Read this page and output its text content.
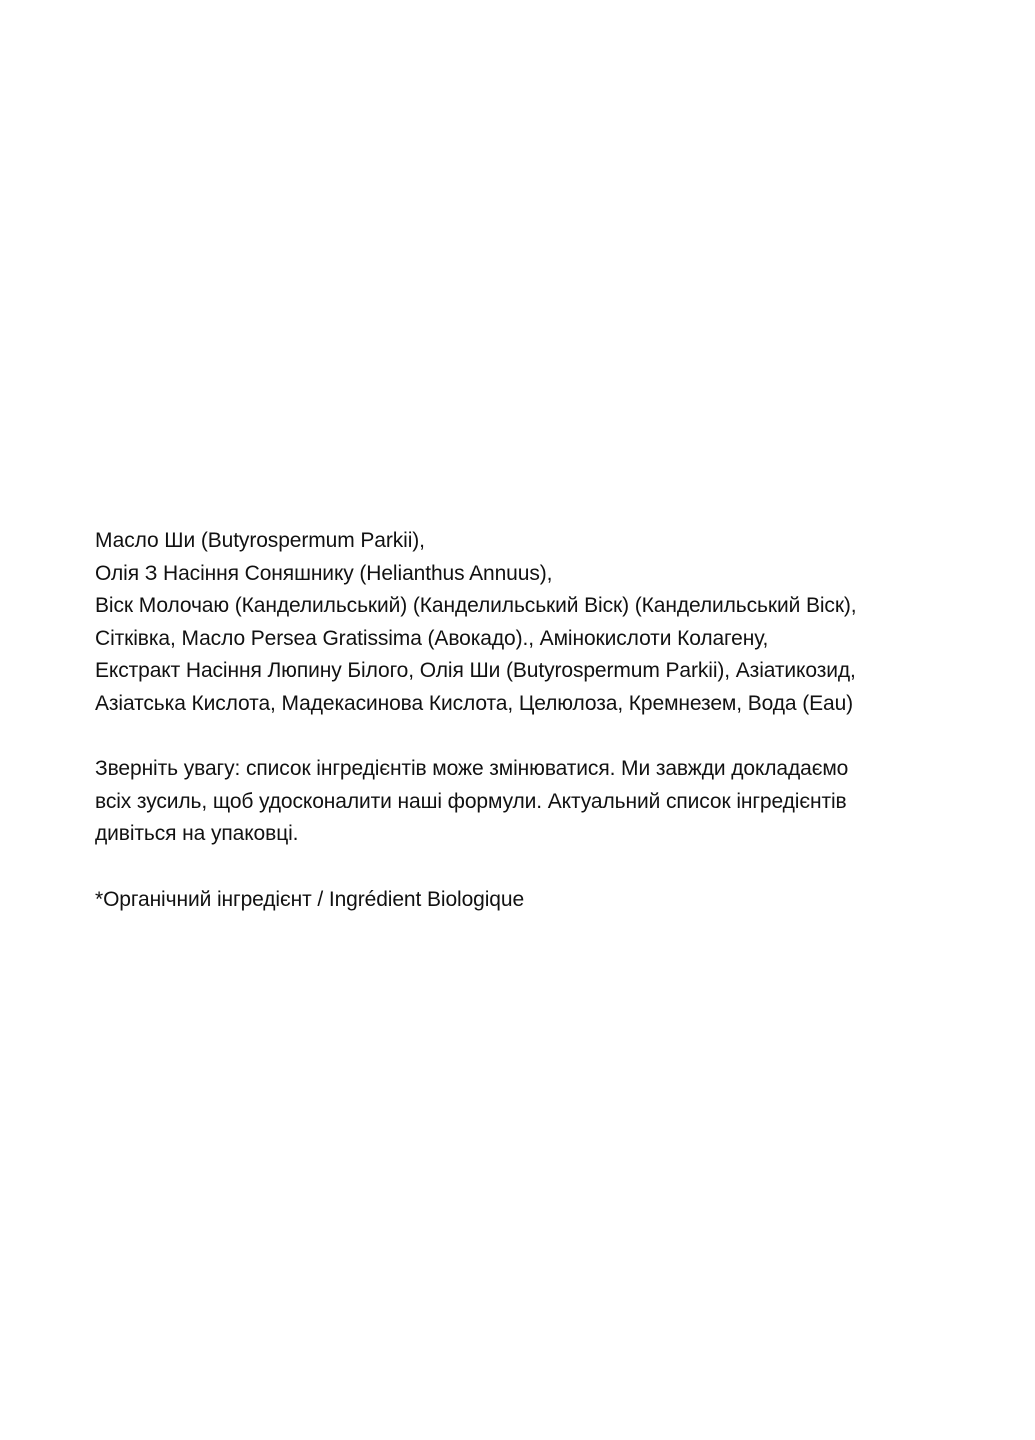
Масло Ши (Butyrospermum Parkii),
Олія З Насіння Соняшнику (Helianthus Annuus),
Віск Молочаю (Канделильський) (Канделильський Віск) (Канделильський Віск),
Сітківка, Масло Persea Gratissima (Авокадо)., Амінокислоти Колагену,
Екстракт Насіння Люпину Білого, Олія Ши (Butyrospermum Parkii), Азіатикозид,
Азіатська Кислота, Мадекасинова Кислота, Целюлоза, Кремнезем, Вода (Eau)

Зверніть увагу: список інгредієнтів може змінюватися. Ми завжди докладаємо
всіх зусиль, щоб удосконалити наші формули. Актуальний список інгредієнтів
дивіться на упаковці.

*Органічний інгредієнт / Ingrédient Biologique
